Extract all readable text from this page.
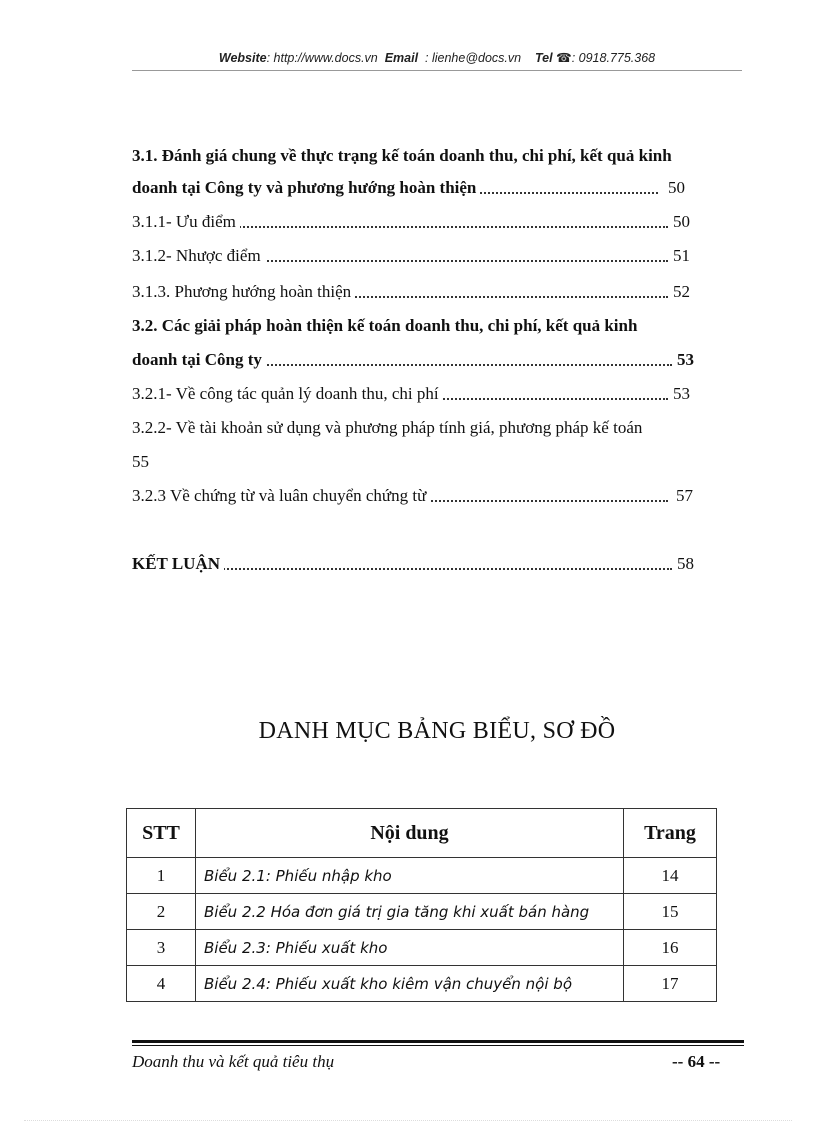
Website: http://www.docs.vn Email : lienhe@docs.vn Tel ☎: 0918.775.368
3.1. Đánh giá chung về thực trạng kế toán doanh thu, chi phí, kết quả kinh
doanh tại Công ty và phương hướng hoàn thiện	50
3.1.1- Ưu điểm	50
3.1.2- Nhược điểm	51
3.1.3. Phương hướng hoàn thiện	52
3.2. Các giải pháp hoàn thiện kế toán doanh thu, chi phí, kết quả kinh
doanh tại Công ty	53
3.2.1- Về công tác quản lý doanh thu, chi phí	53
3.2.2- Về tài khoản sử dụng và phương pháp tính giá, phương pháp kế toán
55
3.2.3 Về chứng từ và luân chuyển chứng từ	57
KẾT LUẬN	58
DANH MỤC BẢNG BIỂU, SƠ ĐỒ
STT	Nội dung	Trang
1	Biểu 2.1: Phiếu nhập kho	14
2	Biểu 2.2 Hóa đơn giá trị gia tăng khi xuất bán hàng	15
3	Biểu 2.3: Phiếu xuất kho	16
4	Biểu 2.4: Phiếu xuất kho kiêm vận chuyển nội bộ	17
Doanh thu và kết quả tiêu thụ	-- 64 --
